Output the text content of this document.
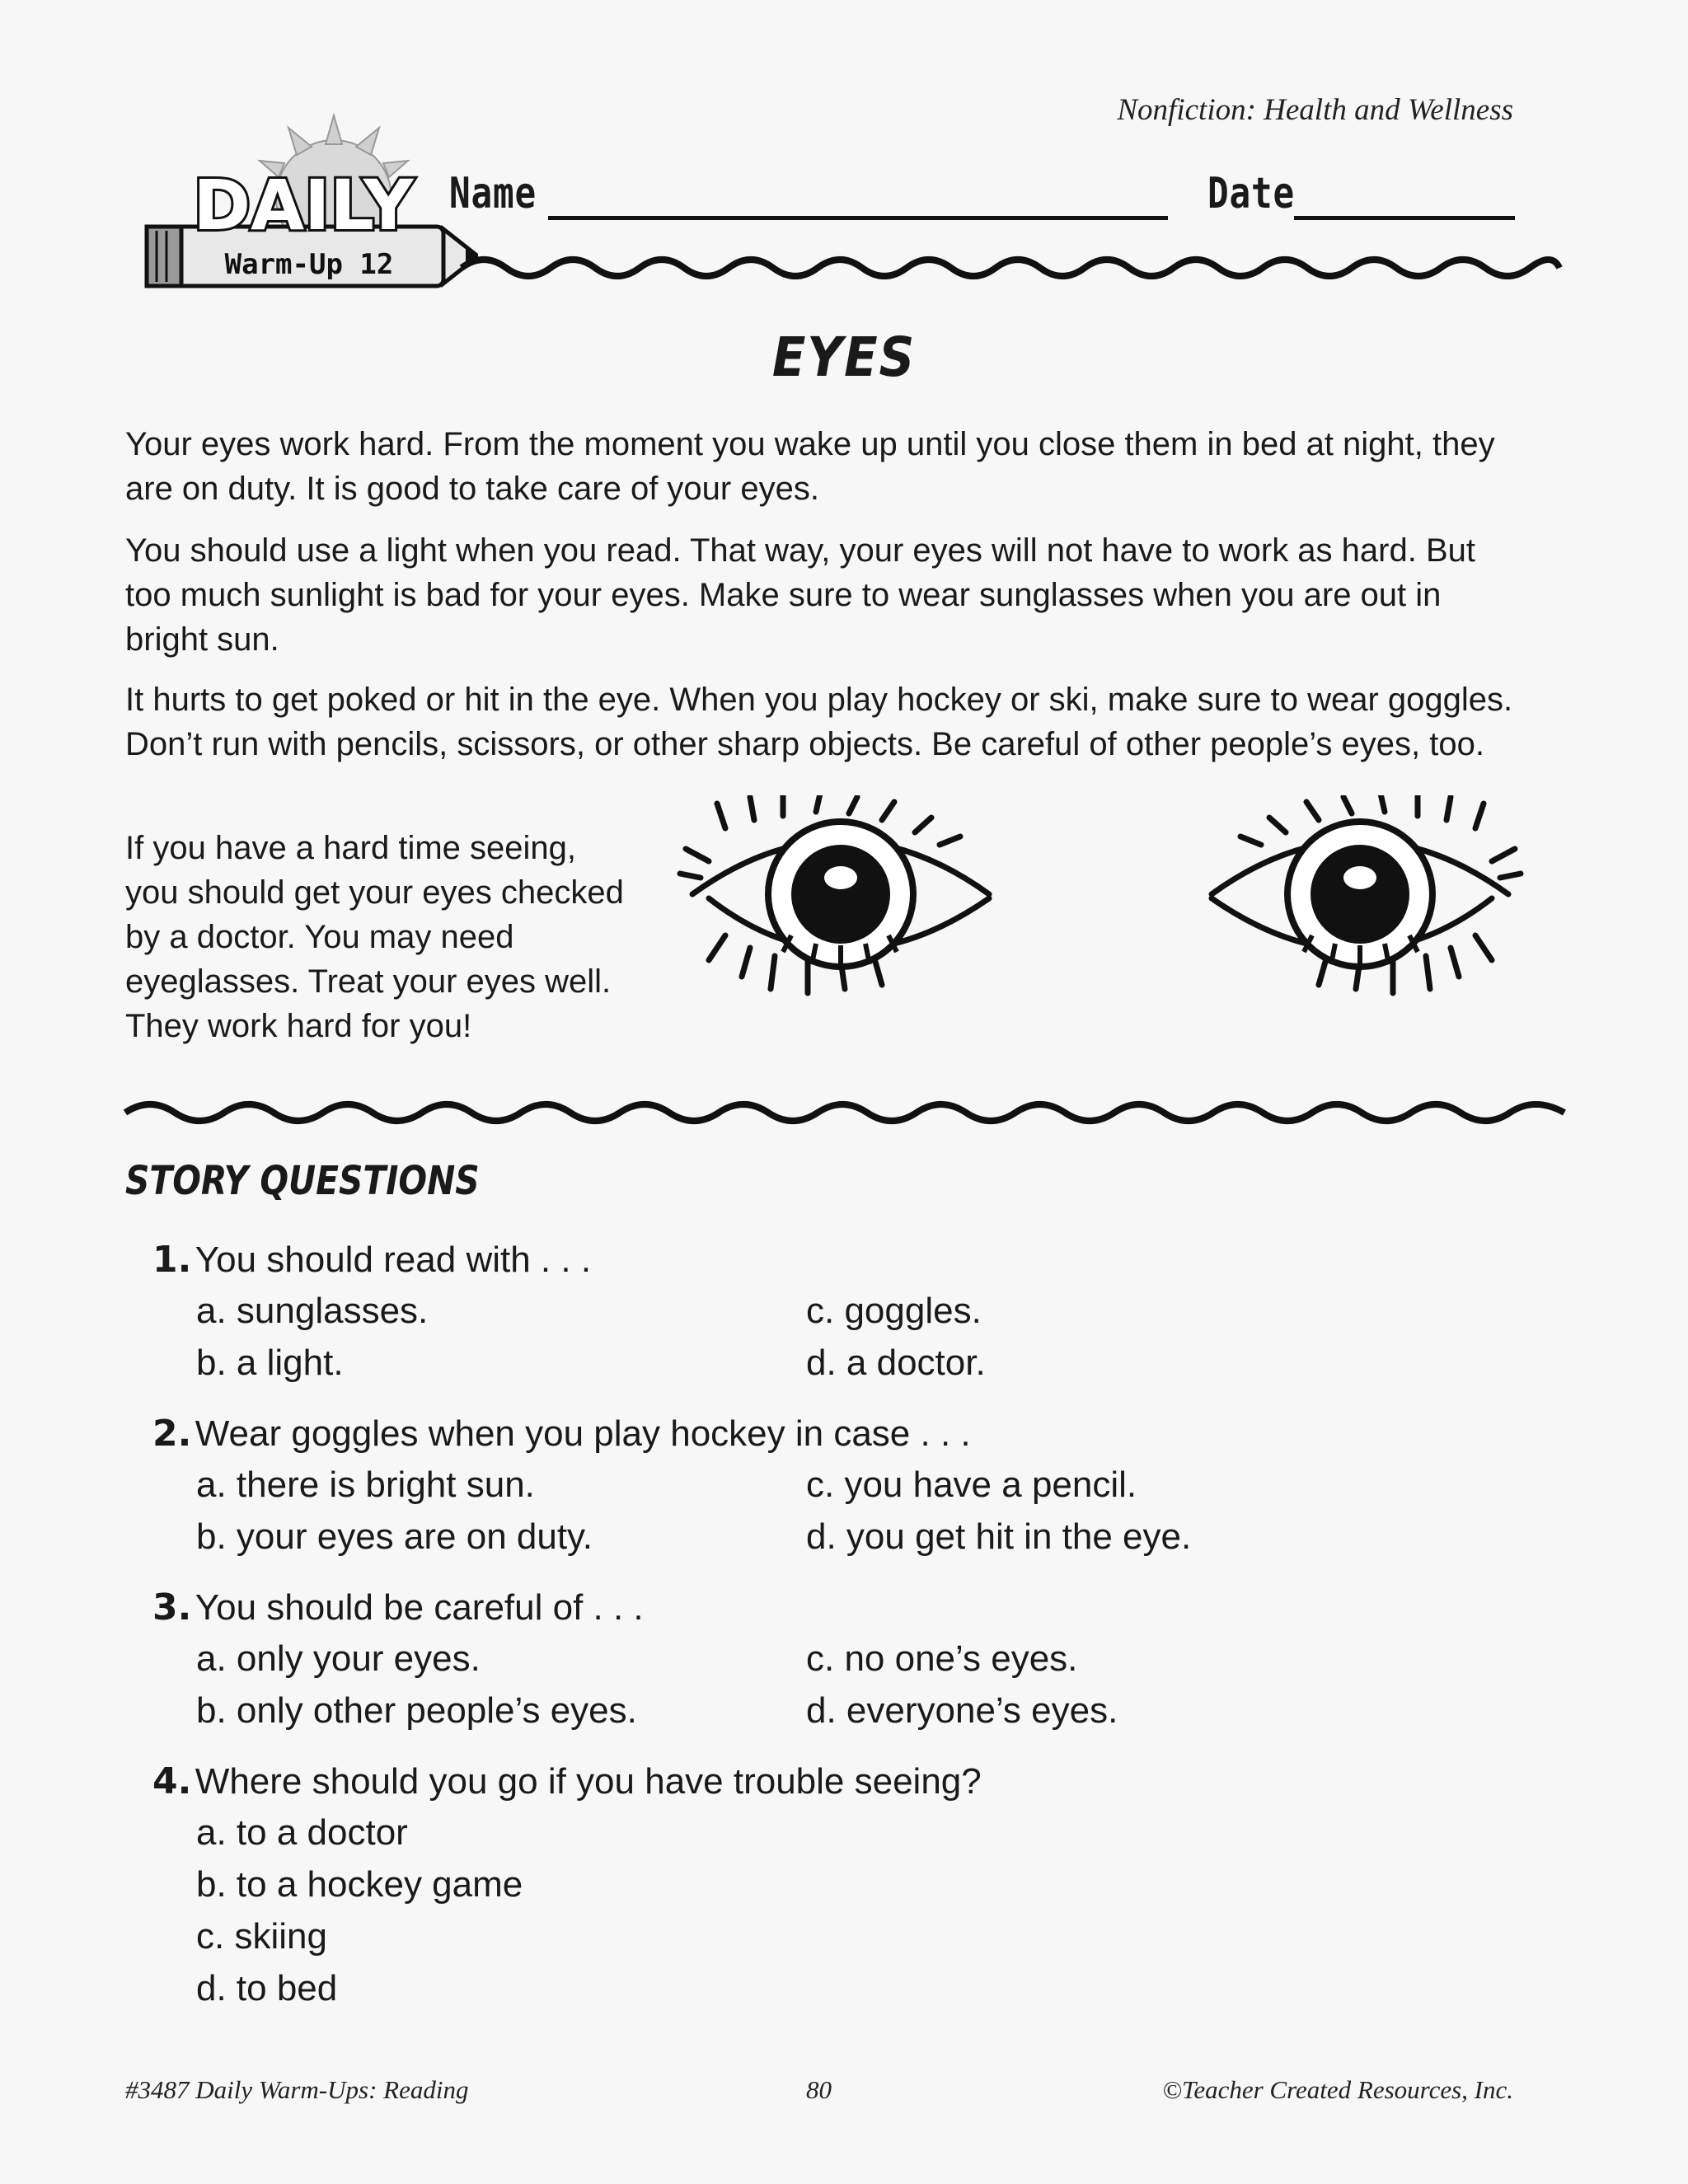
Nonfiction: Health and Wellness
DAILY
Warm-Up 12
Name	Date
EYES

Your eyes work hard. From the moment you wake up until you close them in bed at night, they are on duty. It is good to take care of your eyes.

You should use a light when you read. That way, your eyes will not have to work as hard. But too much sunlight is bad for your eyes. Make sure to wear sunglasses when you are out in bright sun.

It hurts to get poked or hit in the eye. When you play hockey or ski, make sure to wear goggles. Don’t run with pencils, scissors, or other sharp objects. Be careful of other people’s eyes, too.

If you have a hard time seeing,
you should get your eyes checked
by a doctor. You may need
eyeglasses. Treat your eyes well.
They work hard for you!
STORY QUESTIONS
1. You should read with . . .
a. sunglasses.
b. a light.
c. goggles.
d. a doctor.
2. Wear goggles when you play hockey in case . . .
a. there is bright sun.
b. your eyes are on duty.
c. you have a pencil.
d. you get hit in the eye.
3. You should be careful of . . .
a. only your eyes.
b. only other people’s eyes.
c. no one’s eyes.
d. everyone’s eyes.
4. Where should you go if you have trouble seeing?
a. to a doctor
b. to a hockey game
c. skiing
d. to bed
#3487 Daily Warm-Ups: Reading	80	©Teacher Created Resources, Inc.
